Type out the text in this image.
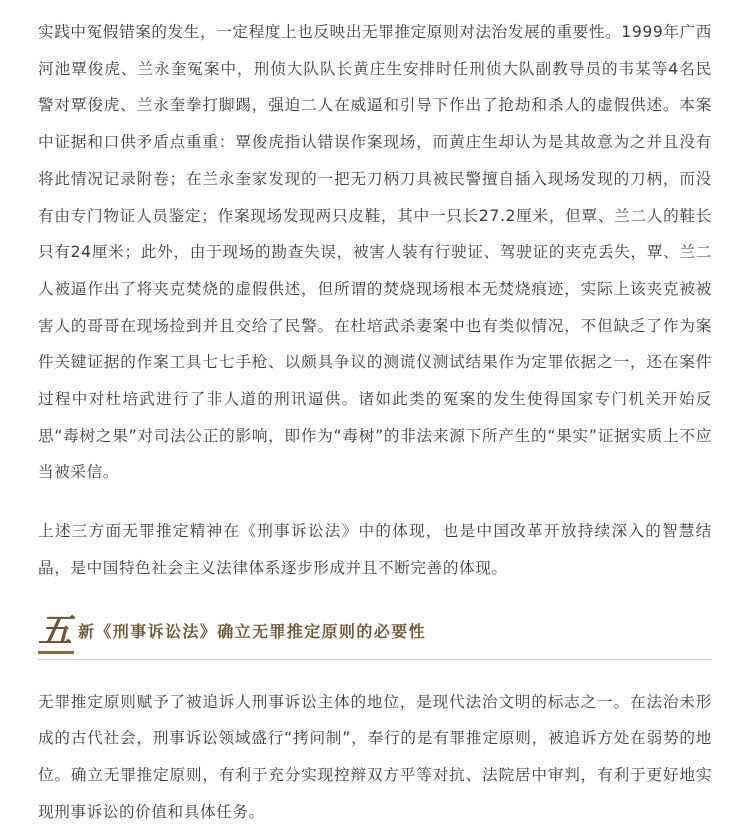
实践中冤假错案的发生，一定程度上也反映出无罪推定原则对法治发展的重要性。1999年广西河池覃俊虎、兰永奎冤案中，刑侦大队队长黄庄生安排时任刑侦大队副教导员的韦某等4名民警对覃俊虎、兰永奎拳打脚踢，强迫二人在威逼和引导下作出了抢劫和杀人的虚假供述。本案中证据和口供矛盾点重重：覃俊虎指认错误作案现场，而黄庄生却认为是其故意为之并且没有将此情况记录附卷；在兰永奎家发现的一把无刀柄刀具被民警擅自插入现场发现的刀柄，而没有由专门物证人员鉴定；作案现场发现两只皮鞋，其中一只长27.2厘米，但覃、兰二人的鞋长只有24厘米；此外，由于现场的勘查失误，被害人装有行驶证、驾驶证的夹克丢失，覃、兰二人被逼作出了将夹克焚烧的虚假供述，但所谓的焚烧现场根本无焚烧痕迹，实际上该夹克被被害人的哥哥在现场捡到并且交给了民警。在杜培武杀妻案中也有类似情况，不但缺乏了作为案件关键证据的作案工具七七手枪、以颇具争议的测谎仪测试结果作为定罪依据之一，还在案件过程中对杜培武进行了非人道的刑讯逼供。诸如此类的冤案的发生使得国家专门机关开始反思“毒树之果”对司法公正的影响，即作为“毒树”的非法来源下所产生的“果实”证据实质上不应当被采信。

上述三方面无罪推定精神在《刑事诉讼法》中的体现，也是中国改革开放持续深入的智慧结晶，是中国特色社会主义法律体系逐步形成并且不断完善的体现。

五 新《刑事诉讼法》确立无罪推定原则的必要性

无罪推定原则赋予了被追诉人刑事诉讼主体的地位，是现代法治文明的标志之一。在法治未形成的古代社会，刑事诉讼领域盛行“拷问制”，奉行的是有罪推定原则，被追诉方处在弱势的地位。确立无罪推定原则，有利于充分实现控辩双方平等对抗、法院居中审判，有利于更好地实现刑事诉讼的价值和具体任务。
